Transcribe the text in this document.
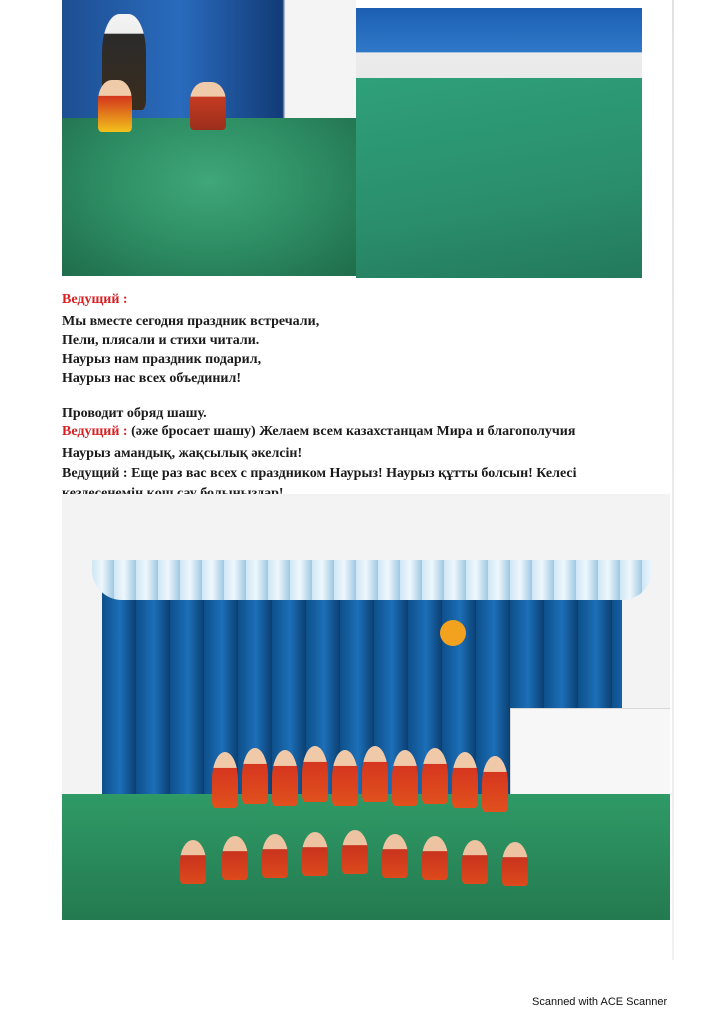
Ведущий :
Мы вместе сегодня праздник встречали,
Пели, плясали и стихи читали.
Наурыз нам праздник подарил,
Наурыз нас всех объединил!
Проводит обряд шашу.
Ведущий : (әже бросает шашу) Желаем всем казахстанцам Мира и благополучия
Наурыз амандық, жақсылық әкелсін!
Ведущий : Еще раз вас всех с праздником Наурыз! Наурыз құтты болсын! Келесі
Scanned with ACE Scanner
